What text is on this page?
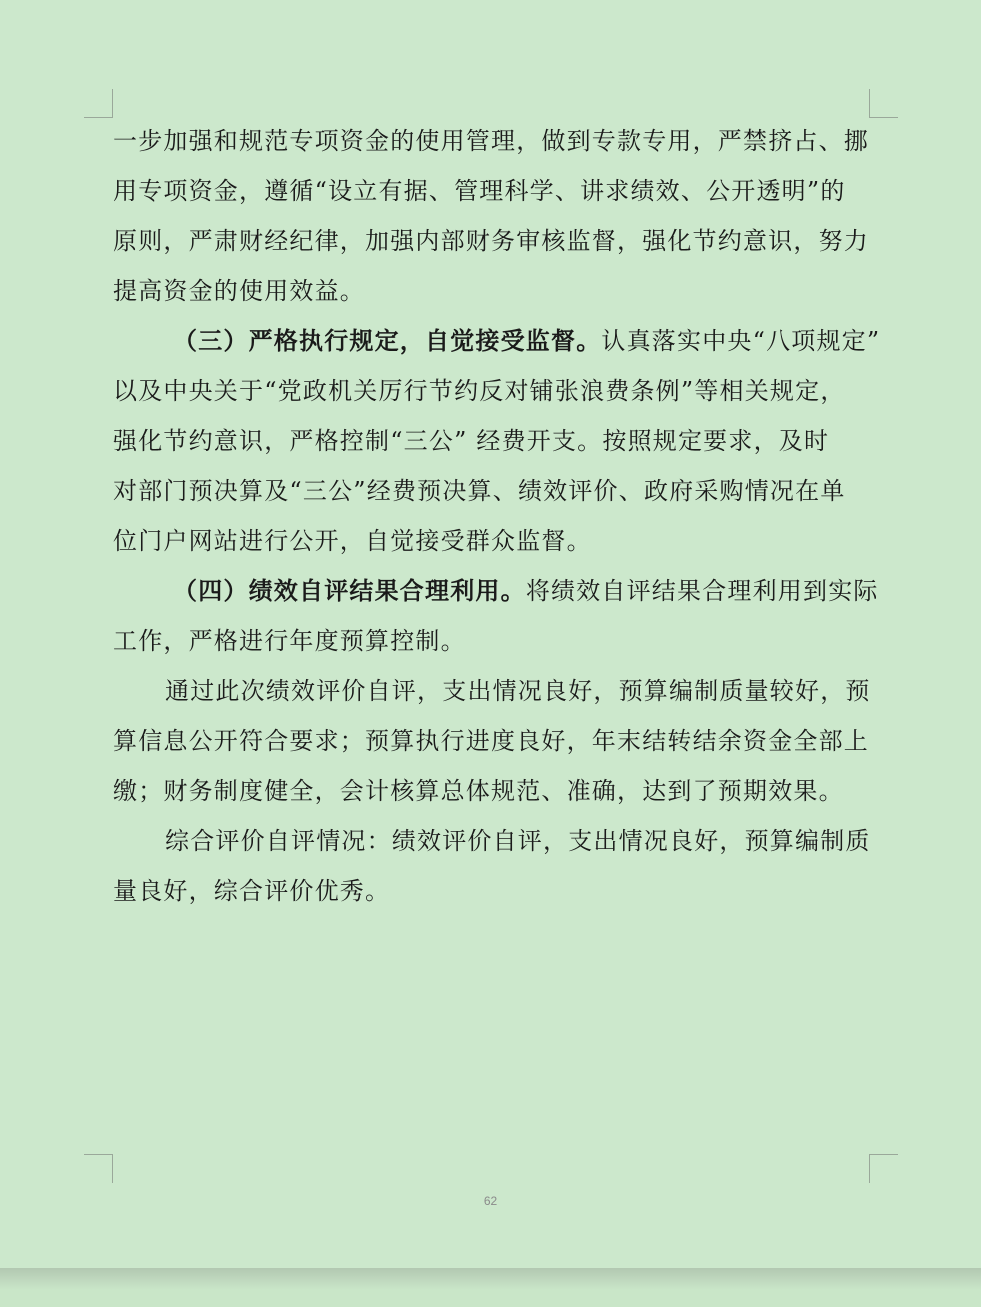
一步加强和规范专项资金的使用管理，做到专款专用，严禁挤占、挪
用专项资金，遵循“设立有据、管理科学、讲求绩效、公开透明”的
原则，严肃财经纪律，加强内部财务审核监督，强化节约意识，努力
提高资金的使用效益。
（三）严格执行规定，自觉接受监督。认真落实中央“八项规定”
以及中央关于“党政机关厉行节约反对铺张浪费条例”等相关规定，
强化节约意识，严格控制“三公” 经费开支。按照规定要求，及时
对部门预决算及“三公”经费预决算、绩效评价、政府采购情况在单
位门户网站进行公开，自觉接受群众监督。
（四）绩效自评结果合理利用。将绩效自评结果合理利用到实际
工作，严格进行年度预算控制。
通过此次绩效评价自评，支出情况良好，预算编制质量较好，预
算信息公开符合要求；预算执行进度良好，年末结转结余资金全部上
缴；财务制度健全，会计核算总体规范、准确，达到了预期效果。
综合评价自评情况：绩效评价自评，支出情况良好，预算编制质
量良好，综合评价优秀。
62
